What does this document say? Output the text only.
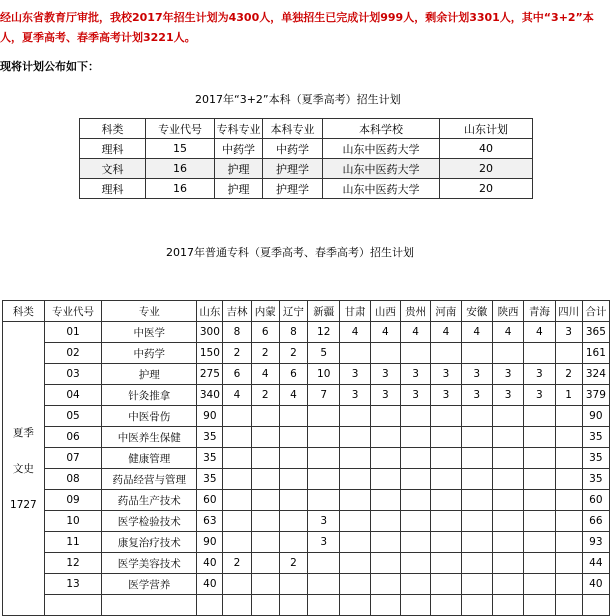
经山东省教育厅审批，我校2017年招生计划为4300人，单独招生已完成计划999人，剩余计划3301人，其中“3+2”本
人，夏季高考、春季高考计划3221人。
现将计划公布如下：
2017年“3+2”本科（夏季高考）招生计划
科类	专业代号	专科专业	本科专业	本科学校	山东计划
理科	15	中药学	中药学	山东中医药大学	40
文科	16	护理	护理学	山东中医药大学	20
理科	16	护理	护理学	山东中医药大学	20
2017年普通专科（夏季高考、春季高考）招生计划
科类	专业代号	专业	山东	吉林	内蒙	辽宁	新疆	甘肃	山西	贵州	河南	安徽	陕西	青海	四川	合计

夏季
文史
1727	01	中医学	300	8	6	8	12	4	4	4	4	4	4	4	3	365
	02	中药学	150	2	2	2	5									161
	03	护理	275	6	4	6	10	3	3	3	3	3	3	3	2	324
	04	针灸推拿	340	4	2	4	7	3	3	3	3	3	3	3	1	379
	05	中医骨伤	90													90
	06	中医养生保健	35													35
	07	健康管理	35													35
	08	药品经营与管理	35													35
	09	药品生产技术	60													60
	10	医学检验技术	63				3									66
	11	康复治疗技术	90				3									93
	12	医学美容技术	40	2		2										44
	13	医学营养	40													40
